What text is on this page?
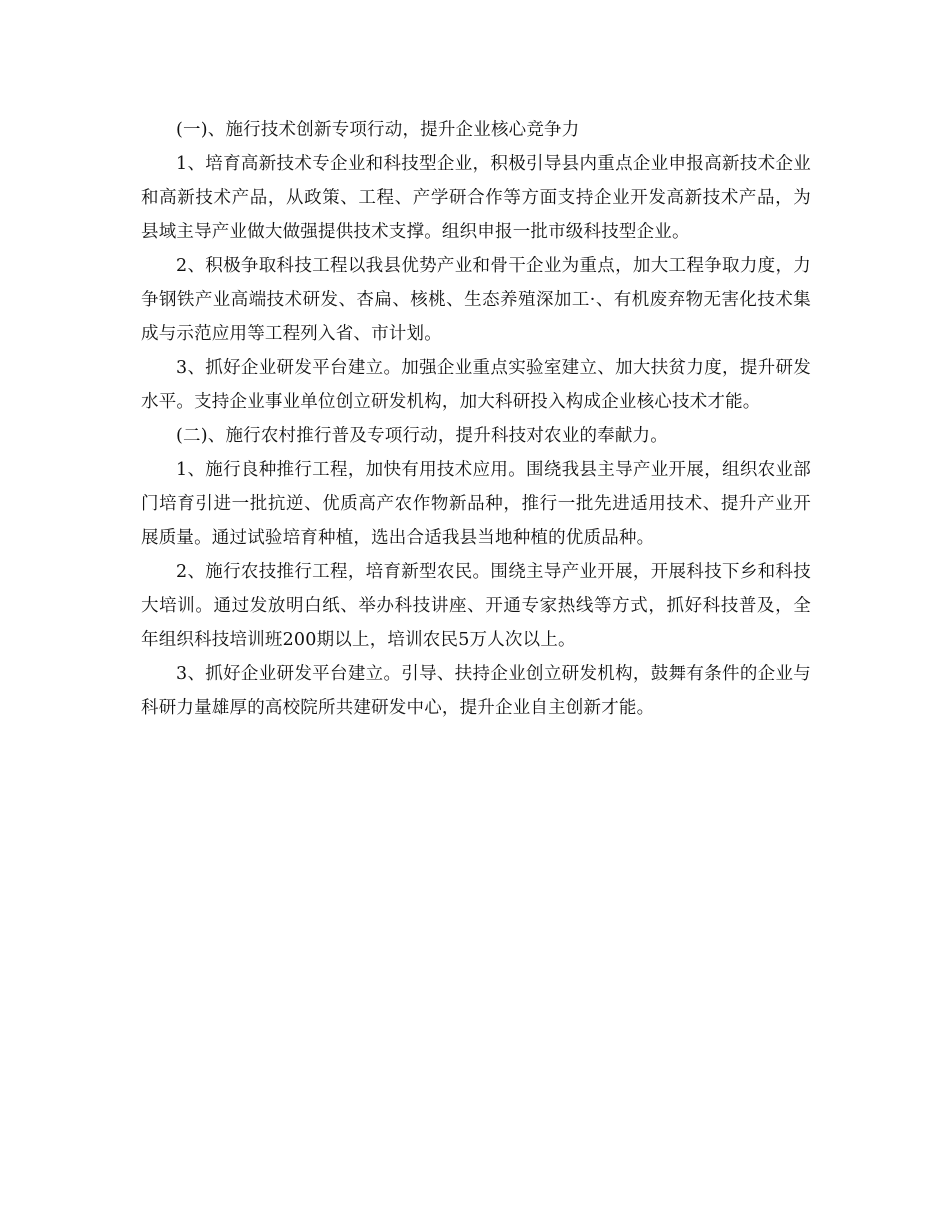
(一)、施行技术创新专项行动，提升企业核心竞争力

1、培育高新技术专企业和科技型企业，积极引导县内重点企业申报高新技术企业和高新技术产品，从政策、工程、产学研合作等方面支持企业开发高新技术产品，为县域主导产业做大做强提供技术支撑。组织申报一批市级科技型企业。

2、积极争取科技工程以我县优势产业和骨干企业为重点，加大工程争取力度，力争钢铁产业高端技术研发、杏扁、核桃、生态养殖深加工·、有机废弃物无害化技术集成与示范应用等工程列入省、市计划。

3、抓好企业研发平台建立。加强企业重点实验室建立、加大扶贫力度，提升研发水平。支持企业事业单位创立研发机构，加大科研投入构成企业核心技术才能。

(二)、施行农村推行普及专项行动，提升科技对农业的奉献力。

1、施行良种推行工程，加快有用技术应用。围绕我县主导产业开展，组织农业部门培育引进一批抗逆、优质高产农作物新品种，推行一批先进适用技术、提升产业开展质量。通过试验培育种植，选出合适我县当地种植的优质品种。

2、施行农技推行工程，培育新型农民。围绕主导产业开展，开展科技下乡和科技大培训。通过发放明白纸、举办科技讲座、开通专家热线等方式，抓好科技普及，全年组织科技培训班200期以上，培训农民5万人次以上。

3、抓好企业研发平台建立。引导、扶持企业创立研发机构，鼓舞有条件的企业与科研力量雄厚的高校院所共建研发中心，提升企业自主创新才能。
